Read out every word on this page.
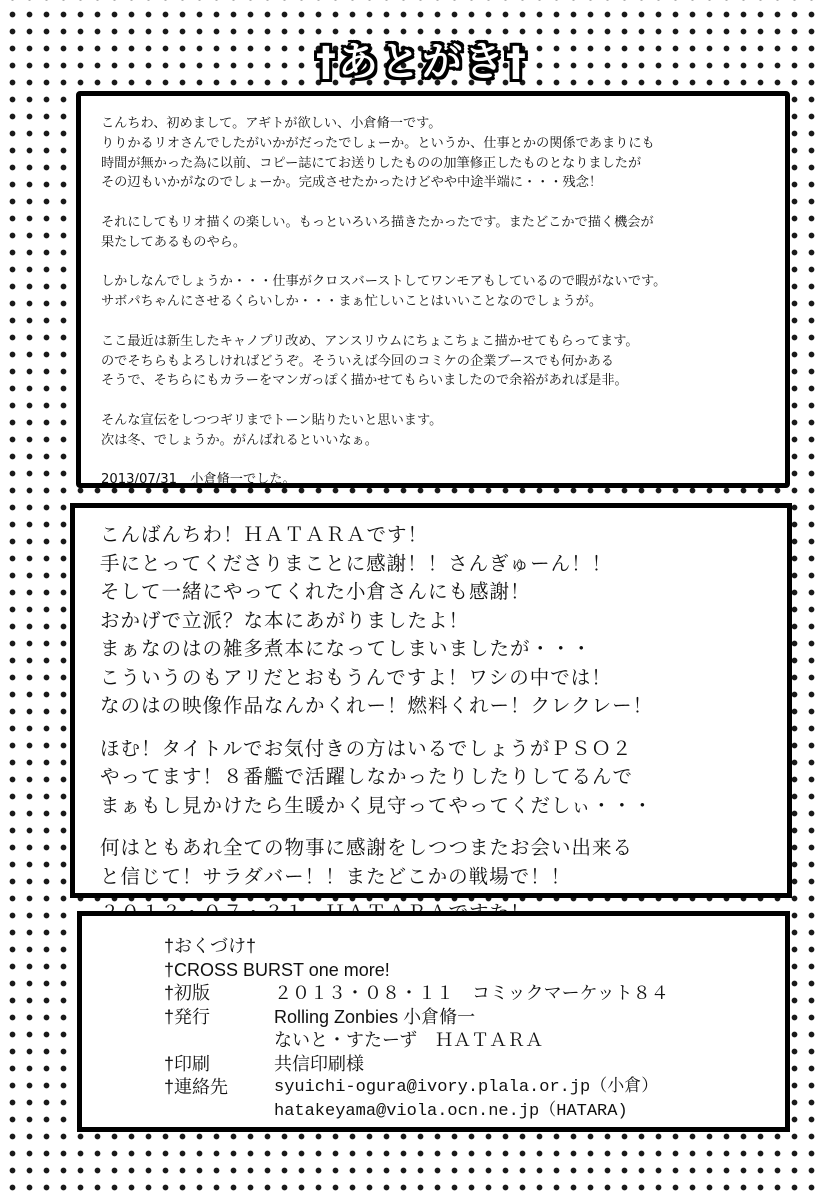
†あとがき†
こんちわ、初めまして。アギトが欲しい、小倉脩一です。
りりかるリオさんでしたがいかがだったでしょーか。というか、仕事とかの関係であまりにも
時間が無かった為に以前、コピー誌にてお送りしたものの加筆修正したものとなりましたが
その辺もいかがなのでしょーか。完成させたかったけどやや中途半端に・・・残念！
それにしてもリオ描くの楽しい。もっといろいろ描きたかったです。またどこかで描く機会が
果たしてあるものやら。
しかしなんでしょうか・・・仕事がクロスバーストしてワンモアもしているので暇がないです。
サボパちゃんにさせるくらいしか・・・まぁ忙しいことはいいことなのでしょうが。
ここ最近は新生したキャノプリ改め、アンスリウムにちょこちょこ描かせてもらってます。
のでそちらもよろしければどうぞ。そういえば今回のコミケの企業ブースでも何かある
そうで、そちらにもカラーをマンガっぽく描かせてもらいましたので余裕があれば是非。
そんな宣伝をしつつギリまでトーン貼りたいと思います。
次は冬、でしょうか。がんばれるといいなぁ。
2013/07/31　小倉脩一でした。
こんばんちわ！ＨＡＴＡＲＡです！
手にとってくださりまことに感謝！！さんぎゅーん！！
そして一緒にやってくれた小倉さんにも感謝！
おかげで立派？な本にあがりましたよ！
まぁなのはの雑多煮本になってしまいましたが・・・
こういうのもアリだとおもうんですよ！ワシの中では！
なのはの映像作品なんかくれー！燃料くれー！クレクレー！
ほむ！タイトルでお気付きの方はいるでしょうがＰＳＯ２
やってます！８番艦で活躍しなかったりしたりしてるんで
まぁもし見かけたら生暖かく見守ってやってくだしぃ・・・
何はともあれ全ての物事に感謝をしつつまたお会い出来る
と信じて！サラダバー！！またどこかの戦場で！！
†おくづけ†
†CROSS BURST one more!
†初版	２０１３・０８・１１　コミックマーケット８４
†発行	Rolling Zonbies 小倉脩一
ないと・すたーず　ＨＡＴＡＲＡ
†印刷	共信印刷様
†連絡先	syuichi-ogura@ivory.plala.or.jp（小倉）
hatakeyama@viola.ocn.ne.jp（HATARA)
